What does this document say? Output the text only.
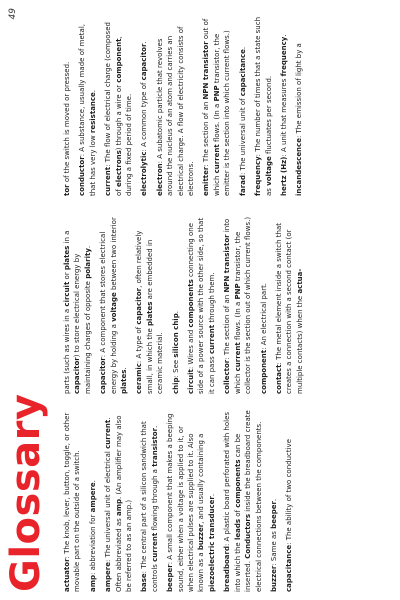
Glossary
49

actuator: The knob, lever, button, toggle, or other movable part on the outside of a switch. amp: abbreviation for ampere.

ampere: The universal unit of electrical current. Often abbreviated as amp. (An amplifier may also be referred to as an amp.) base: The central part of a silicon sandwich that controls current flowing through a transistor.

beeper: A small component that makes a beeping sound, either when a voltage is applied to it, or when electrical pulses are supplied to it. Also known as a buzzer, and usually containing a piezoelectric transducer.

breadboard: A plastic board perforated with holes into which the leads of components can be inserted. Conductors inside the breadboard create electrical connections between the components. buzzer: Same as beeper.

capacitance: The ability of two conductive

parts (such as wires in a circuit or plates in a capacitor) to store electrical energy by maintaining charges of opposite polarity.

capacitor: A component that stores electrical energy by holding a voltage between two interior plates. ceramic: A type of capacitor, often relatively small, in which the plates are embedded in ceramic material. chip: See silicon chip.

circuit: Wires and components connecting one side of a power source with the other side, so that it can pass current through them.

collector: The section of an NPN transistor into which current flows. (In a PNP transistor, the collector is the section out of which current flows.) component: An electrical part.

contact: The metal element inside a switch that creates a connection with a second contact (or multiple contacts) when the actua-

tor of the switch is moved or pressed. conductor: A substance, usually made of metal, that has very low resistance.

current: The flow of electrical charge (composed of electrons) through a wire or component, during a fixed period of time. electrolytic: A common type of capacitor.

electron: A subatomic particle that revolves around the nucleus of an atom and carries an electrical charge. A flow of electricity consists of electrons. emitter: The section of an NPN transistor out of which current flows. (In a PNP transistor, the emitter is the section into which current flows.) farad: The universal unit of capacitance.

frequency: The number of times that a state such as voltage fluctuates per second.

hertz (Hz): A unit that measures frequency.

incandescence: The emission of light by a
